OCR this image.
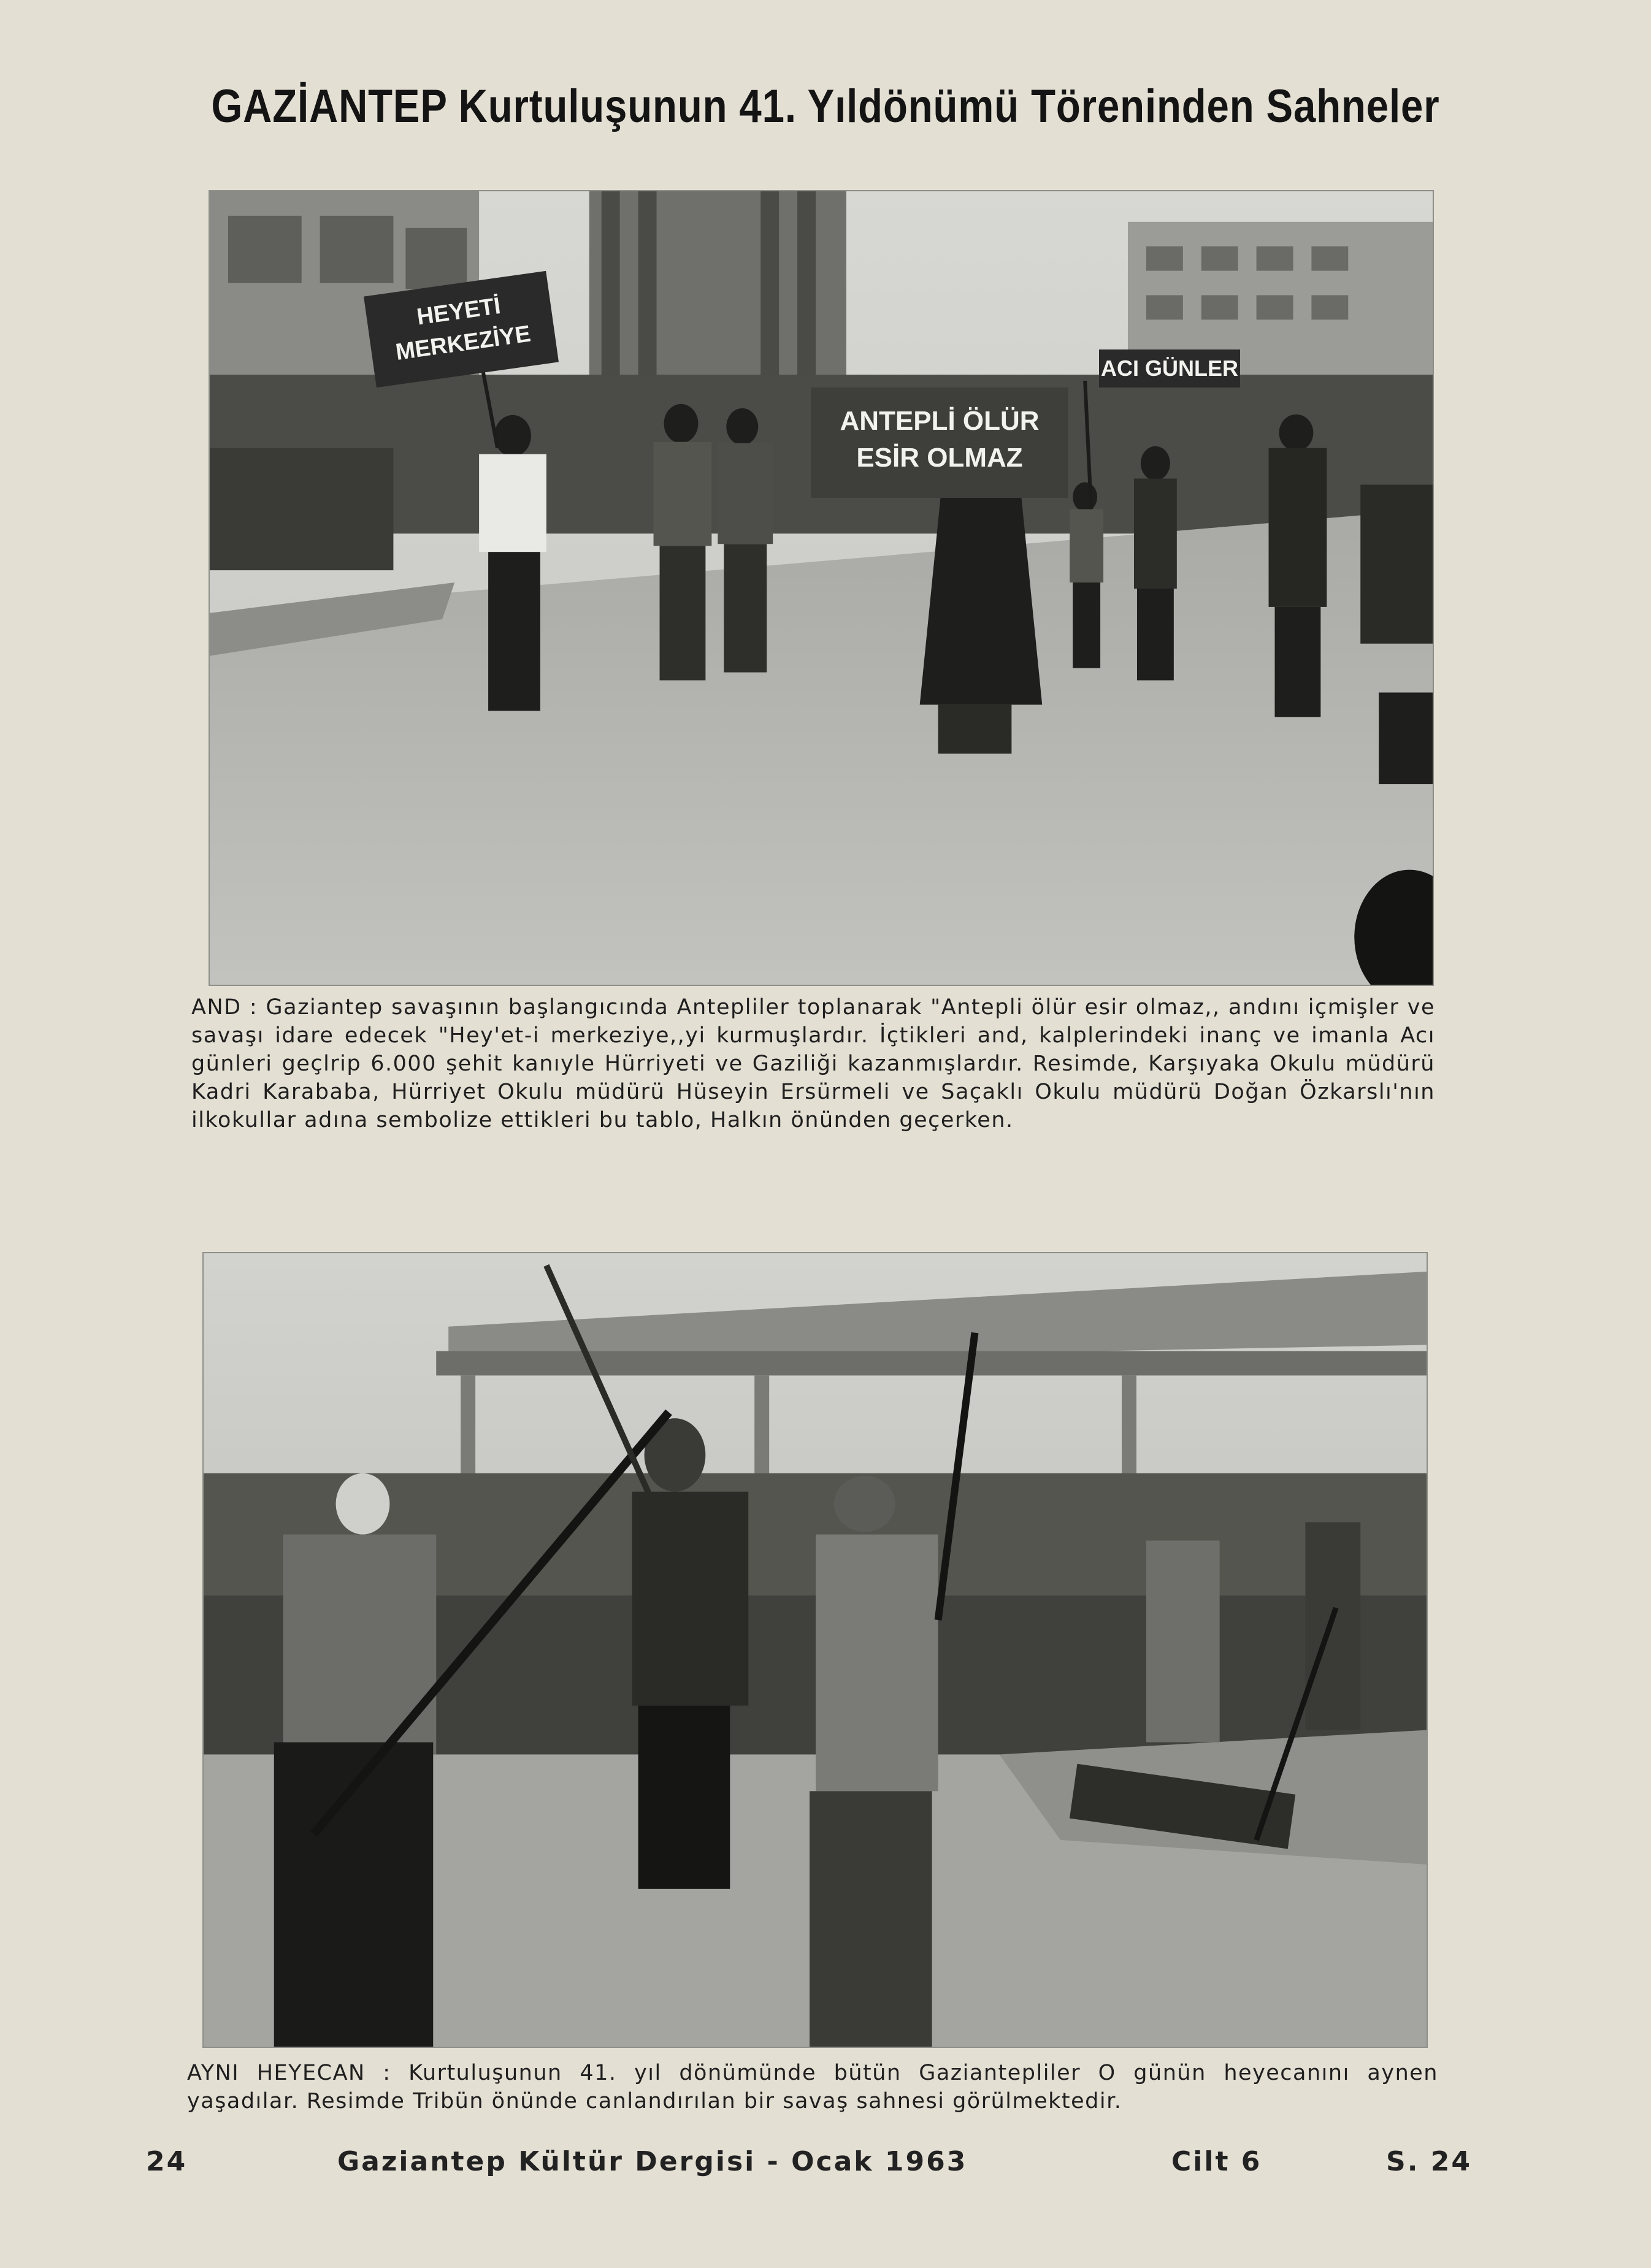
GAZİANTEP Kurtuluşunun 41. Yıldönümü Töreninden Sahneler
HEYETİ
MERKEZİYE
ANTEPLİ ÖLÜR
ESİR OLMAZ
ACI GÜNLER
AND : Gaziantep savaşının başlangıcında Antepliler toplanarak "Antepli ölür esir olmaz,, andını içmişler ve savaşı idare edecek "Hey'et-i merkeziye,,yi kurmuşlardır. İçtikleri and, kalplerindeki inanç ve imanla Acı günleri geçlrip 6.000 şehit kanıyle Hürriyeti ve Gaziliği kazanmışlardır. Resimde, Karşıyaka Okulu müdürü Kadri Karababa, Hürriyet Okulu müdürü Hüseyin Ersürmeli ve Saçaklı Okulu müdürü Doğan Özkarslı'nın ilkokullar adına sembolize ettikleri bu tablo, Halkın önünden geçerken.
AYNI HEYECAN : Kurtuluşunun 41. yıl dönümünde bütün Gaziantepliler O günün heyecanını aynen yaşadılar. Resimde Tribün önünde canlandırılan bir savaş sahnesi görülmektedir.
24	Gaziantep Kültür Dergisi - Ocak 1963	Cilt 6	S. 24
